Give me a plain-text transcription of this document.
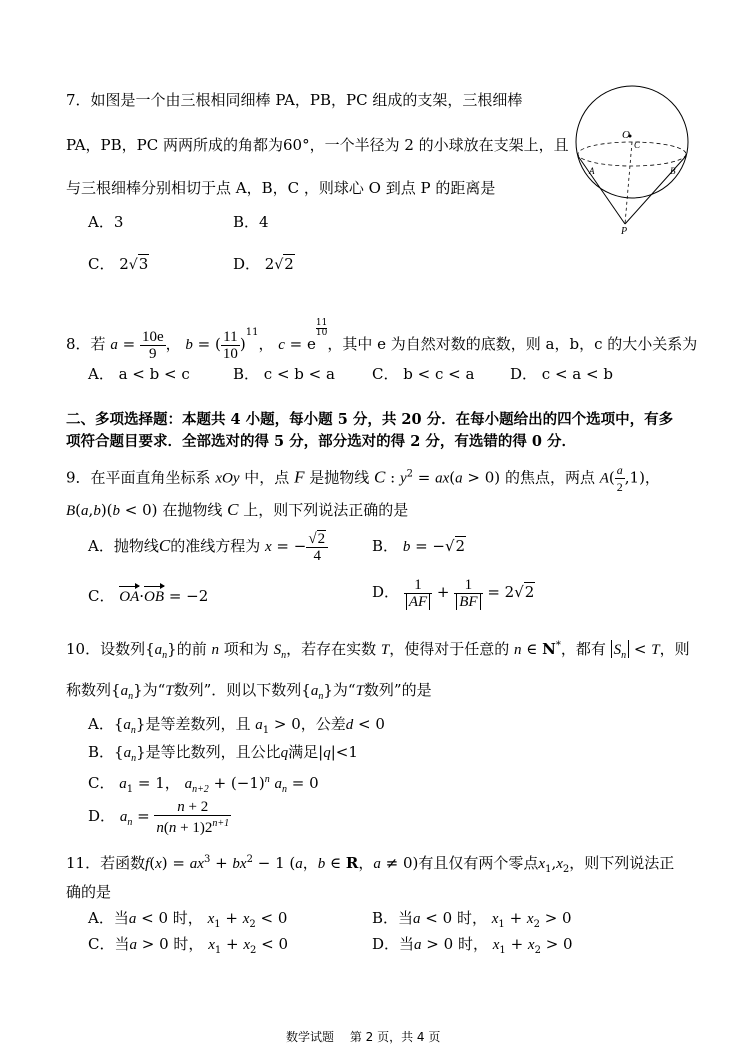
7．如图是一个由三根相同细棒 PA，PB，PC 组成的支架，三根细棒
PA，PB，PC 两两所成的角都为60°，一个半径为 2 的小球放在支架上，且
与三根细棒分别相切于点 A，B，C ，则球心 O 到点 P 的距离是
A．3	B．4
C． 2√3	D． 2√2
O
C
A	B
P
8．若 $a = \frac{10e}{9}$ ， b = ( $\frac{11}{10} )^{11}$， c = e
$^{\frac{11}{10}}$
，其中 e 为自然对数的底数，则 a，b，c 的大小关系为
A． a < b < c	B． c < b < a C． b < c < a D． c < a < b
二、多项选择题：本题共 4 小题，每小题 5 分，共 20 分．在每小题给出的四个选项中，有多
项符合题目要求．全部选对的得 5 分，部分选对的得 2 分，有选错的得 0 分．
9．在平面直角坐标系 xOy 中，点 F 是抛物线 C : $y^2 = ax(a > 0)$ 的焦点，两点 $A( \frac{a}{2} ,1)$，
B(a,b)(b < 0) 在抛物线 C 上，则下列说法正确的是
A．抛物线C的准线方程为 x = − $\frac{√2}{4}$	B． b = −√2
C． OA·OB = −2	D． $\frac{1}{AF} + \frac{1}{BF} = 2√2$
10．设数列$\{a_n\}$的前 n 项和为 $S_n$，若存在实数 T，使得对于任意的 n ∈ N*，都有 $S_n < T$，则
称数列$\{a_n\}$为“T数列”．则以下数列$\{a_n\}$为“T数列”的是
A．$\{a_n\}$是等差数列，且 $a_1 > 0$，公差d < 0
B．$\{a_n\}$是等比数列，且公比q满足|q|<1
C． $a_1 = 1$， $a_{n+2} + (-1)^n$ $a_n = 0$
D． $a_n = \frac{n + 2}{n(n + 1)2^{n+1}}$
11．若函数$f(x) = ax^3 + bx^2 - 1$ (a，b ∈ R，a ≠ 0)有且仅有两个零点$x_1,x_2$，则下列说法正
确的是
A．当a < 0 时， $x_1 + x_2 < 0$	B．当a < 0 时， $x_1 + x_2 > 0$
C．当a > 0 时， $x_1 + x_2 < 0$	D．当a > 0 时， $x_1 + x_2 > 0$
数学试题　 第 2 页，共 4 页
